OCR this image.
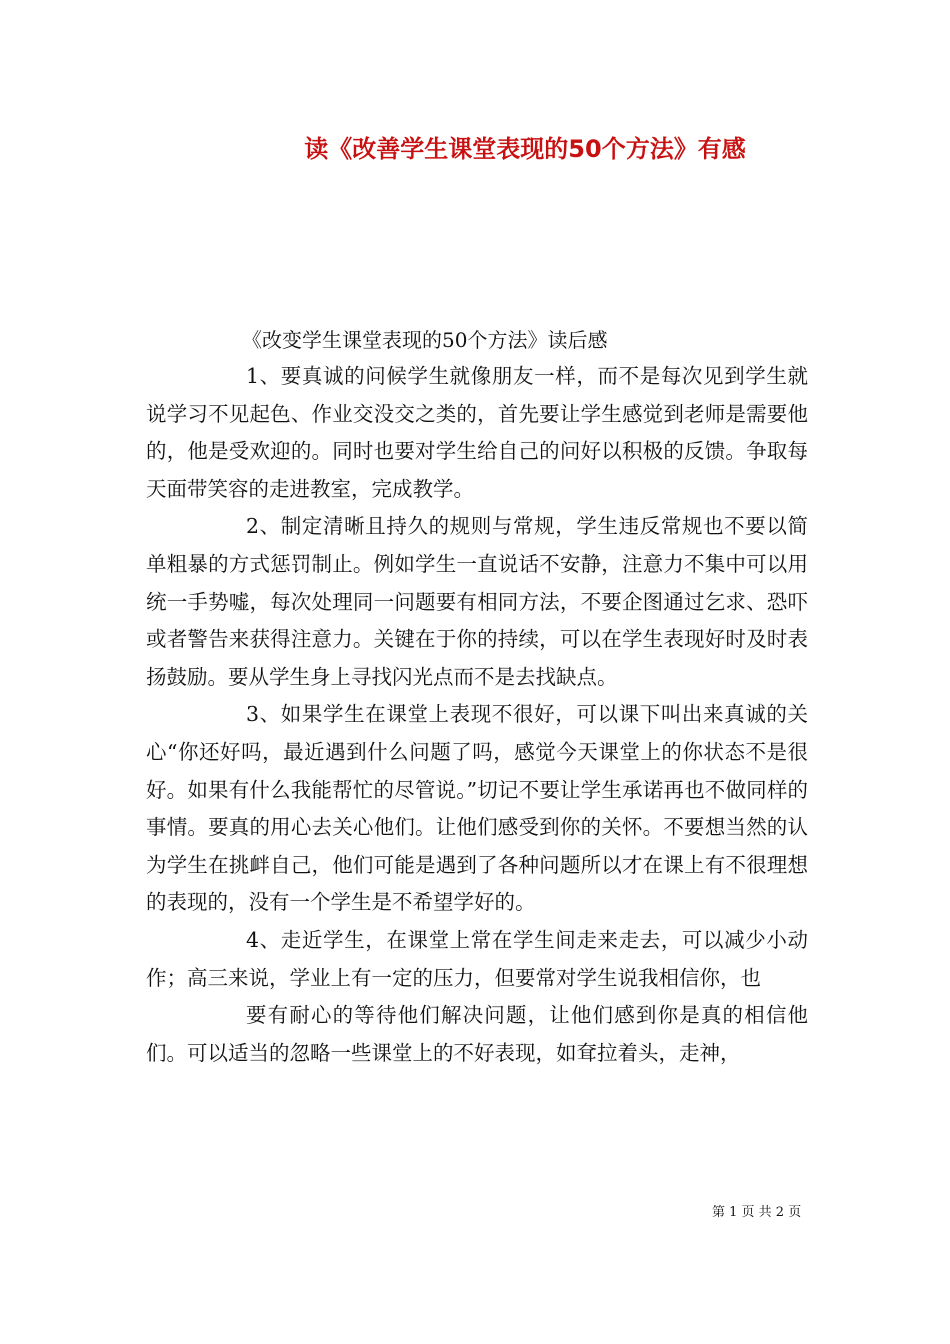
读《改善学生课堂表现的50个方法》有感

《改变学生课堂表现的50个方法》读后感

1、要真诚的问候学生就像朋友一样，而不是每次见到学生就说学习不见起色、作业交没交之类的，首先要让学生感觉到老师是需要他的，他是受欢迎的。同时也要对学生给自己的问好以积极的反馈。争取每天面带笑容的走进教室，完成教学。

2、制定清晰且持久的规则与常规，学生违反常规也不要以简单粗暴的方式惩罚制止。例如学生一直说话不安静，注意力不集中可以用统一手势嘘，每次处理同一问题要有相同方法，不要企图通过乞求、恐吓或者警告来获得注意力。关键在于你的持续，可以在学生表现好时及时表扬鼓励。要从学生身上寻找闪光点而不是去找缺点。

3、如果学生在课堂上表现不很好，可以课下叫出来真诚的关心“你还好吗，最近遇到什么问题了吗，感觉今天课堂上的你状态不是很好。如果有什么我能帮忙的尽管说。”切记不要让学生承诺再也不做同样的事情。要真的用心去关心他们。让他们感受到你的关怀。不要想当然的认为学生在挑衅自己，他们可能是遇到了各种问题所以才在课上有不很理想的表现的，没有一个学生是不希望学好的。

4、走近学生，在课堂上常在学生间走来走去，可以减少小动作；高三来说，学业上有一定的压力，但要常对学生说我相信你，也

要有耐心的等待他们解决问题，让他们感到你是真的相信他们。可以适当的忽略一些课堂上的不好表现，如耷拉着头，走神，

第 1 页 共 2 页
